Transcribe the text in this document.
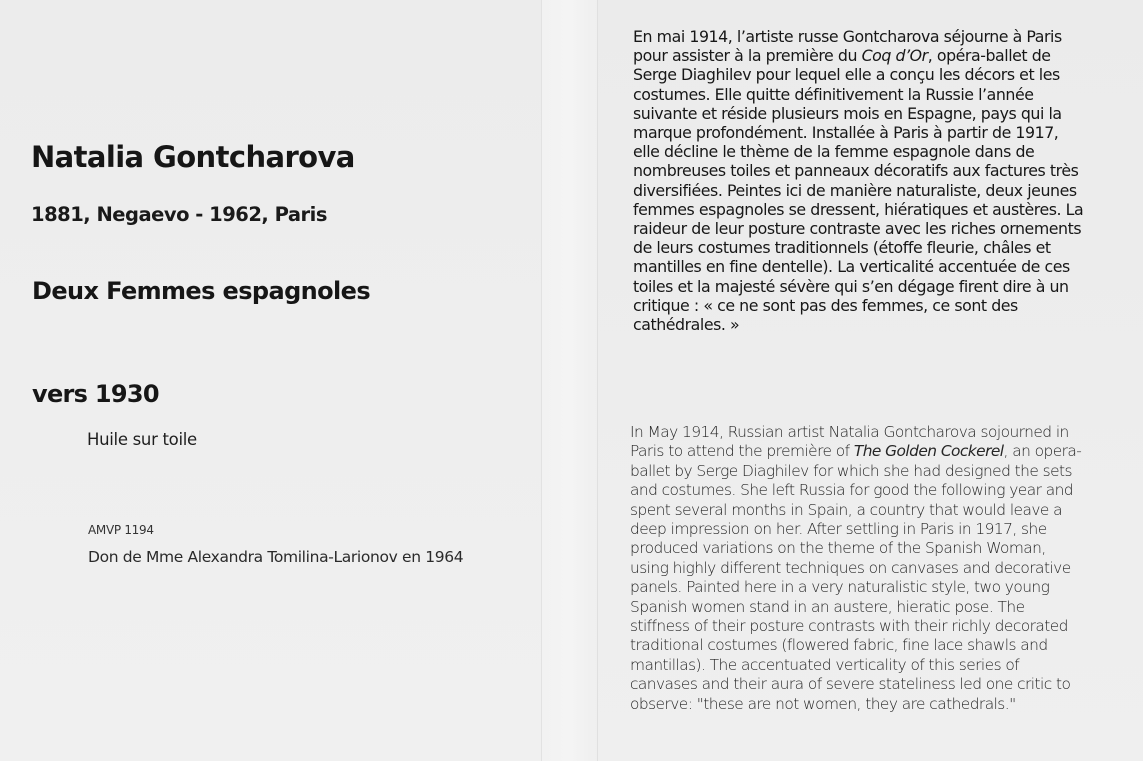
Natalia Gontcharova
1881, Negaevo - 1962, Paris
Deux Femmes espagnoles
vers 1930
Huile sur toile
AMVP 1194
Don de Mme Alexandra Tomilina-Larionov en 1964
En mai 1914, l’artiste russe Gontcharova séjourne à Paris
pour assister à la première du Coq d’Or, opéra-ballet de
Serge Diaghilev pour lequel elle a conçu les décors et les
costumes. Elle quitte définitivement la Russie l’année
suivante et réside plusieurs mois en Espagne, pays qui la
marque profondément. Installée à Paris à partir de 1917,
elle décline le thème de la femme espagnole dans de
nombreuses toiles et panneaux décoratifs aux factures très
diversifiées. Peintes ici de manière naturaliste, deux jeunes
femmes espagnoles se dressent, hiératiques et austères. La
raideur de leur posture contraste avec les riches ornements
de leurs costumes traditionnels (étoffe fleurie, châles et
mantilles en fine dentelle). La verticalité accentuée de ces
toiles et la majesté sévère qui s’en dégage firent dire à un
critique : « ce ne sont pas des femmes, ce sont des
cathédrales. »
In May 1914, Russian artist Natalia Gontcharova sojourned in
Paris to attend the première of The Golden Cockerel, an opera-
ballet by Serge Diaghilev for which she had designed the sets
and costumes. She left Russia for good the following year and
spent several months in Spain, a country that would leave a
deep impression on her. After settling in Paris in 1917, she
produced variations on the theme of the Spanish Woman,
using highly different techniques on canvases and decorative
panels. Painted here in a very naturalistic style, two young
Spanish women stand in an austere, hieratic pose. The
stiffness of their posture contrasts with their richly decorated
traditional costumes (flowered fabric, fine lace shawls and
mantillas). The accentuated verticality of this series of
canvases and their aura of severe stateliness led one critic to
observe: "these are not women, they are cathedrals."
